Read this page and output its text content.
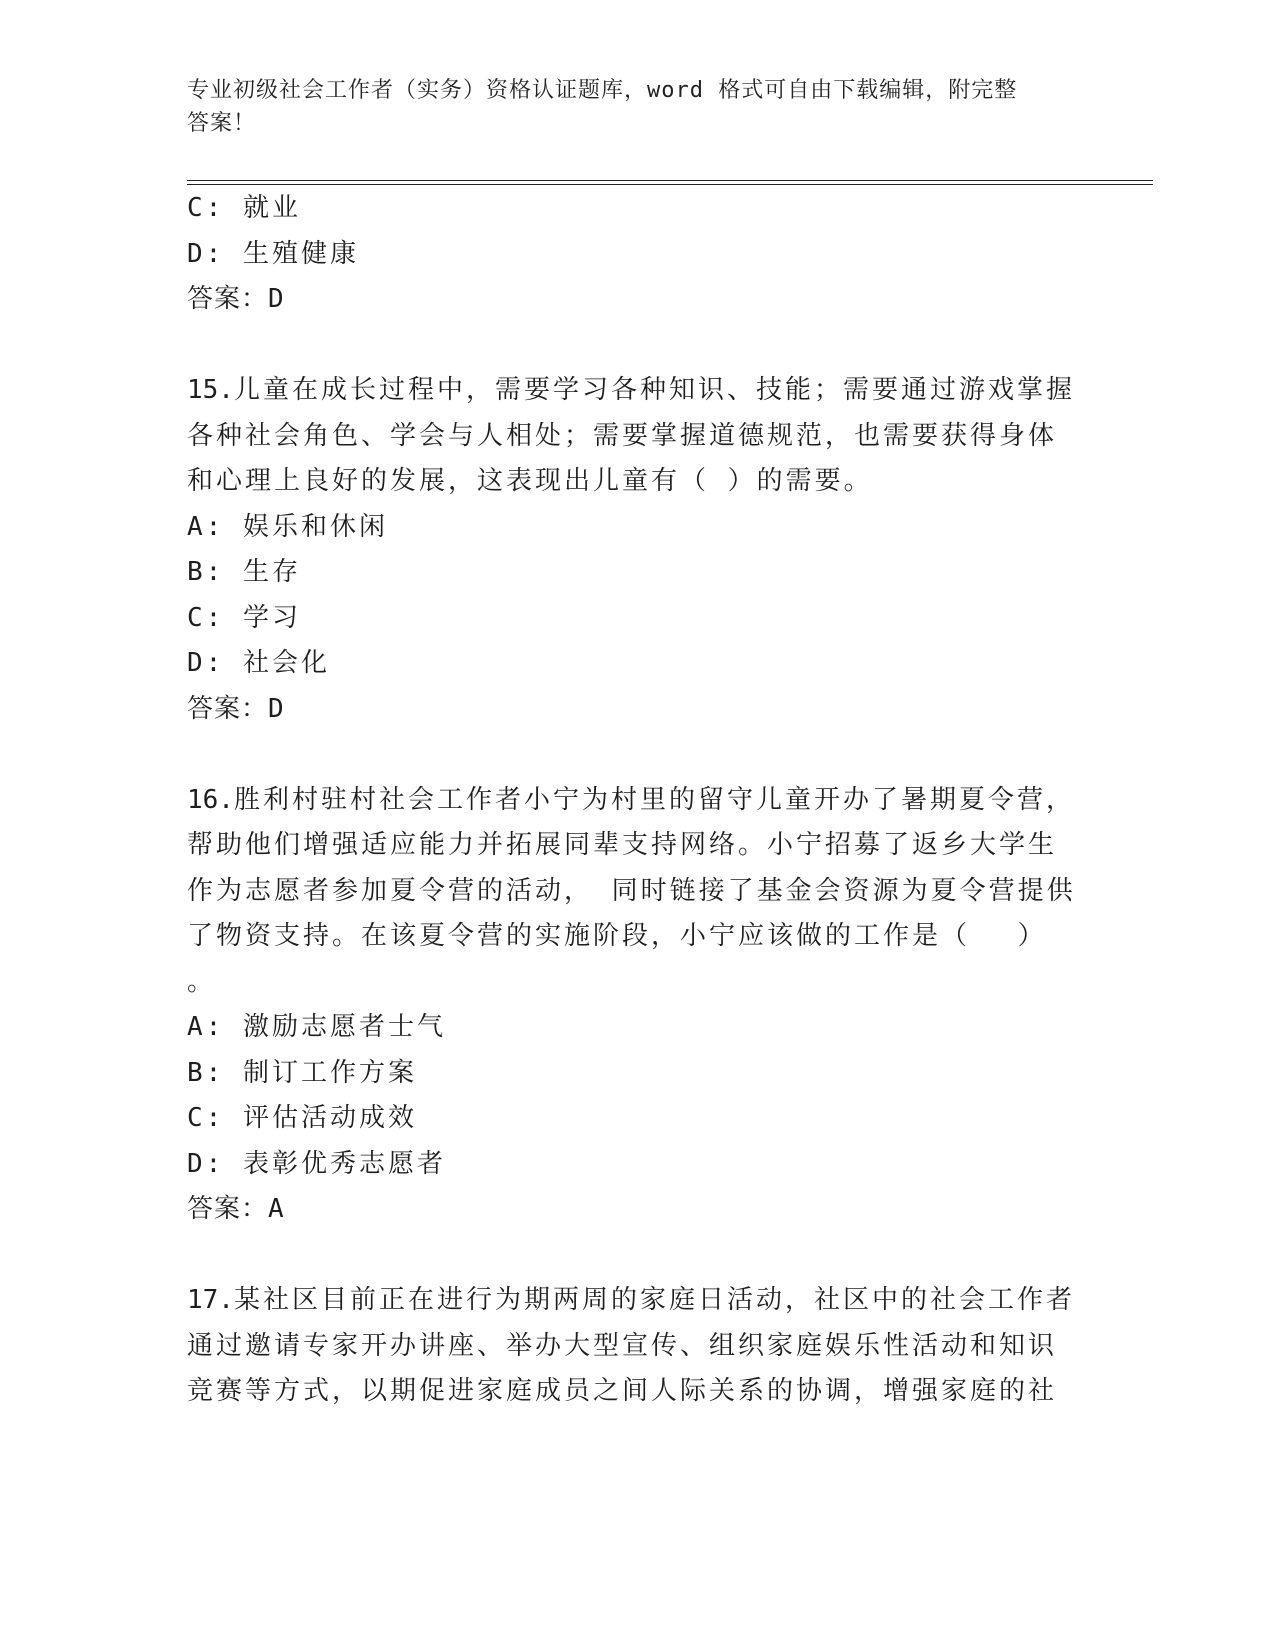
专业初级社会工作者（实务）资格认证题库，word 格式可自由下载编辑，附完整
答案！
C: 就业
D: 生殖健康
答案：D
15.儿童在成长过程中，需要学习各种知识、技能；需要通过游戏掌握
各种社会角色、学会与人相处；需要掌握道德规范，也需要获得身体
和心理上良好的发展，这表现出儿童有（ ）的需要。
A: 娱乐和休闲
B: 生存
C: 学习
D: 社会化
答案：D
16.胜利村驻村社会工作者小宁为村里的留守儿童开办了暑期夏令营，
帮助他们增强适应能力并拓展同辈支持网络。小宁招募了返乡大学生
作为志愿者参加夏令营的活动， 同时链接了基金会资源为夏令营提供
了物资支持。在该夏令营的实施阶段，小宁应该做的工作是（　 ）
。
A: 激励志愿者士气
B: 制订工作方案
C: 评估活动成效
D: 表彰优秀志愿者
答案：A
17.某社区目前正在进行为期两周的家庭日活动，社区中的社会工作者
通过邀请专家开办讲座、举办大型宣传、组织家庭娱乐性活动和知识
竞赛等方式，以期促进家庭成员之间人际关系的协调，增强家庭的社
